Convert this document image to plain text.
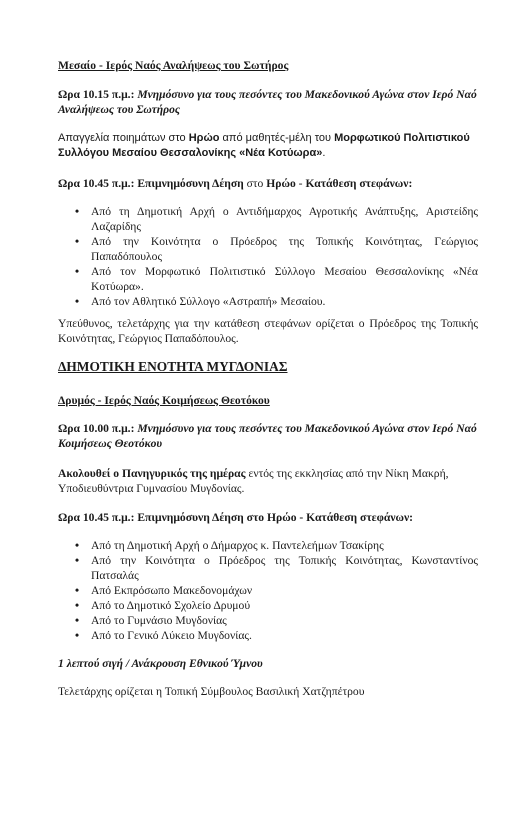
Μεσαίο - Ιερός Ναός Αναλήψεως του Σωτήρος

Ωρα 10.15 π.μ.: Μνημόσυνο για τους πεσόντες του Μακεδονικού Αγώνα στον Ιερό Ναό Αναλήψεως του Σωτήρος

Απαγγελία ποιημάτων στο Ηρώο από μαθητές-μέλη του Μορφωτικού Πολιτιστικού Συλλόγου Μεσαίου Θεσσαλονίκης «Νέα Κοτύωρα».

Ωρα 10.45 π.μ.: Επιμνημόσυνη Δέηση στο Ηρώο - Κατάθεση στεφάνων:

• Από τη Δημοτική Αρχή ο Αντιδήμαρχος Αγροτικής Ανάπτυξης, Αριστείδης Λαζαρίδης
• Από την Κοινότητα ο Πρόεδρος της Τοπικής Κοινότητας, Γεώργιος Παπαδόπουλος
• Από τον Μορφωτικό Πολιτιστικό Σύλλογο Μεσαίου Θεσσαλονίκης «Νέα Κοτύωρα».
• Από τον Αθλητικό Σύλλογο «Αστραπή» Μεσαίου.

Υπεύθυνος, τελετάρχης για την κατάθεση στεφάνων ορίζεται ο Πρόεδρος της Τοπικής Κοινότητας, Γεώργιος Παπαδόπουλος.

ΔΗΜΟΤΙΚΗ ΕΝΟΤΗΤΑ ΜΥΓΔΟΝΙΑΣ

Δρυμός - Ιερός Ναός Κοιμήσεως Θεοτόκου

Ωρα 10.00 π.μ.: Μνημόσυνο για τους πεσόντες του Μακεδονικού Αγώνα στον Ιερό Ναό Κοιμήσεως Θεοτόκου

Ακολουθεί ο Πανηγυρικός της ημέρας εντός της εκκλησίας από την Νίκη Μακρή, Υποδιευθύντρια Γυμνασίου Μυγδονίας.

Ωρα 10.45 π.μ.: Επιμνημόσυνη Δέηση στο Ηρώο - Κατάθεση στεφάνων:

• Από τη Δημοτική Αρχή ο Δήμαρχος κ. Παντελεήμων Τσακίρης
• Από την Κοινότητα ο Πρόεδρος της Τοπικής Κοινότητας, Κωνσταντίνος Πατσαλάς
• Από Εκπρόσωπο Μακεδονομάχων
• Από το Δημοτικό Σχολείο Δρυμού
• Από το Γυμνάσιο Μυγδονίας
• Από το Γενικό Λύκειο Μυγδονίας.

1 λεπτού σιγή / Ανάκρουση Εθνικού Ύμνου

Τελετάρχης ορίζεται η Τοπική Σύμβουλος Βασιλική Χατζηπέτρου
